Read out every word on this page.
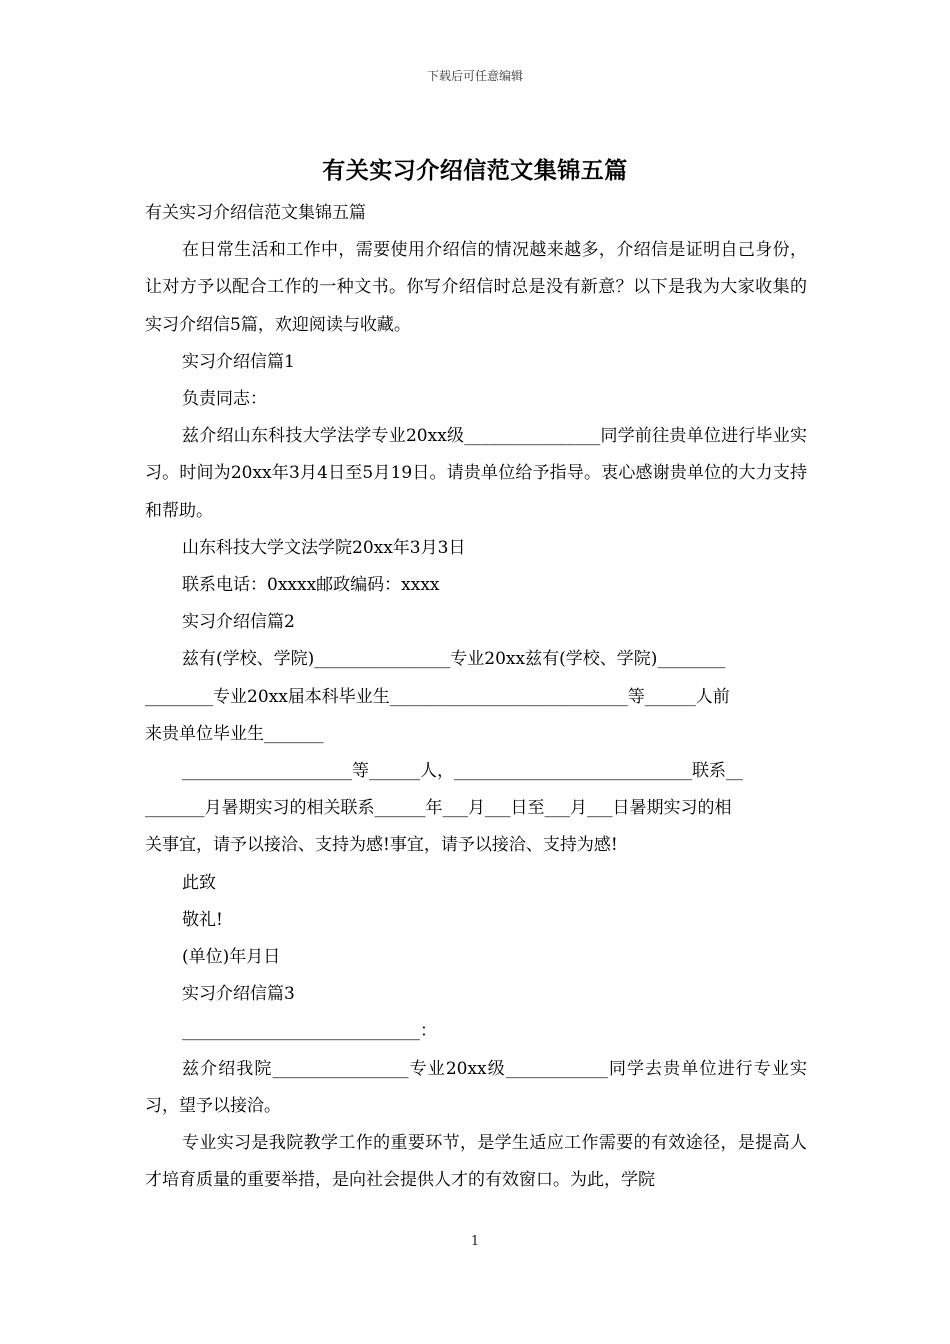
下载后可任意编辑
有关实习介绍信范文集锦五篇

有关实习介绍信范文集锦五篇

在日常生活和工作中，需要使用介绍信的情况越来越多，介绍信是证明自己身份，让对方予以配合工作的一种文书。你写介绍信时总是没有新意？以下是我为大家收集的实习介绍信5篇，欢迎阅读与收藏。

实习介绍信篇1

负责同志：

兹介绍山东科技大学法学专业20xx级________________同学前往贵单位进行毕业实习。时间为20xx年3月4日至5月19日。请贵单位给予指导。衷心感谢贵单位的大力支持和帮助。

山东科技大学文法学院20xx年3月3日

联系电话：0xxxx邮政编码：xxxx

实习介绍信篇2

兹有(学校、学院)________________专业20xx兹有(学校、学院)________

________专业20xx届本科毕业生____________________________等______人前

来贵单位毕业生_______

____________________等______人，____________________________联系__

_______月暑期实习的相关联系______年___月___日至___月___日暑期实习的相

关事宜，请予以接洽、支持为感!事宜，请予以接洽、支持为感!

此致

敬礼!

(单位)年月日

实习介绍信篇3

____________________________：

兹介绍我院________________专业20xx级____________同学去贵单位进行专业实习，望予以接洽。

专业实习是我院教学工作的重要环节，是学生适应工作需要的有效途径，是提高人才培育质量的重要举措，是向社会提供人才的有效窗口。为此，学院

1
